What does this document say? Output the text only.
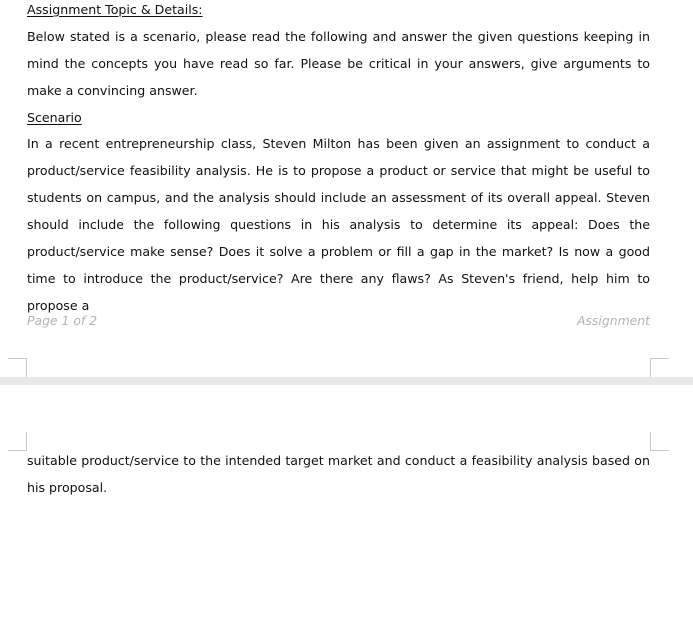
Assignment Topic & Details:

Below stated is a scenario, please read the following and answer the given questions keeping in mind the concepts you have read so far. Please be critical in your answers, give arguments to make a convincing answer.

Scenario

In a recent entrepreneurship class, Steven Milton has been given an assignment to conduct a product/service feasibility analysis. He is to propose a product or service that might be useful to students on campus, and the analysis should include an assessment of its overall appeal. Steven should include the following questions in his analysis to determine its appeal: Does the product/service make sense? Does it solve a problem or fill a gap in the market? Is now a good time to introduce the product/service? Are there any flaws? As Steven's friend, help him to propose a

Page 1 of 2	Assignment

suitable product/service to the intended target market and conduct a feasibility analysis based on his proposal.
